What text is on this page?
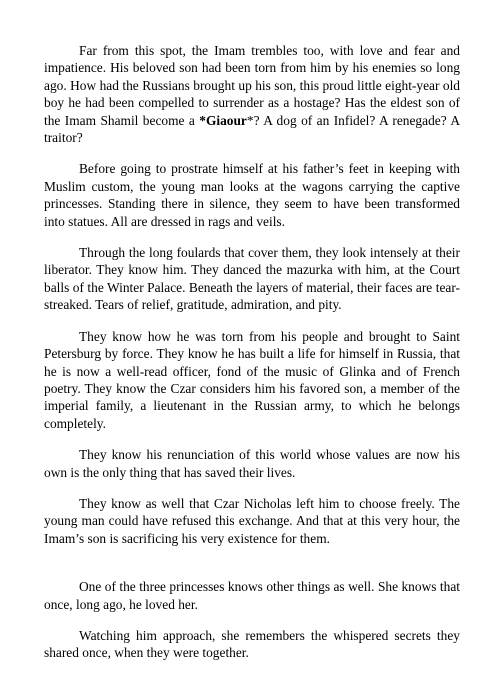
Far from this spot, the Imam trembles too, with love and fear and impatience. His beloved son had been torn from him by his enemies so long ago. How had the Russians brought up his son, this proud little eight-year old boy he had been compelled to surrender as a hostage? Has the eldest son of the Imam Shamil become a *Giaour*? A dog of an Infidel? A renegade? A traitor?

Before going to prostrate himself at his father’s feet in keeping with Muslim custom, the young man looks at the wagons carrying the captive princesses. Standing there in silence, they seem to have been transformed into statues. All are dressed in rags and veils.

Through the long foulards that cover them, they look intensely at their liberator. They know him. They danced the mazurka with him, at the Court balls of the Winter Palace. Beneath the layers of material, their faces are tear-streaked. Tears of relief, gratitude, admiration, and pity.

They know how he was torn from his people and brought to Saint Petersburg by force. They know he has built a life for himself in Russia, that he is now a well-read officer, fond of the music of Glinka and of French poetry. They know the Czar considers him his favored son, a member of the imperial family, a lieutenant in the Russian army, to which he belongs completely.

They know his renunciation of this world whose values are now his own is the only thing that has saved their lives.

They know as well that Czar Nicholas left him to choose freely. The young man could have refused this exchange. And that at this very hour, the Imam’s son is sacrificing his very existence for them.

One of the three princesses knows other things as well. She knows that once, long ago, he loved her.

Watching him approach, she remembers the whispered secrets they shared once, when they were together.
